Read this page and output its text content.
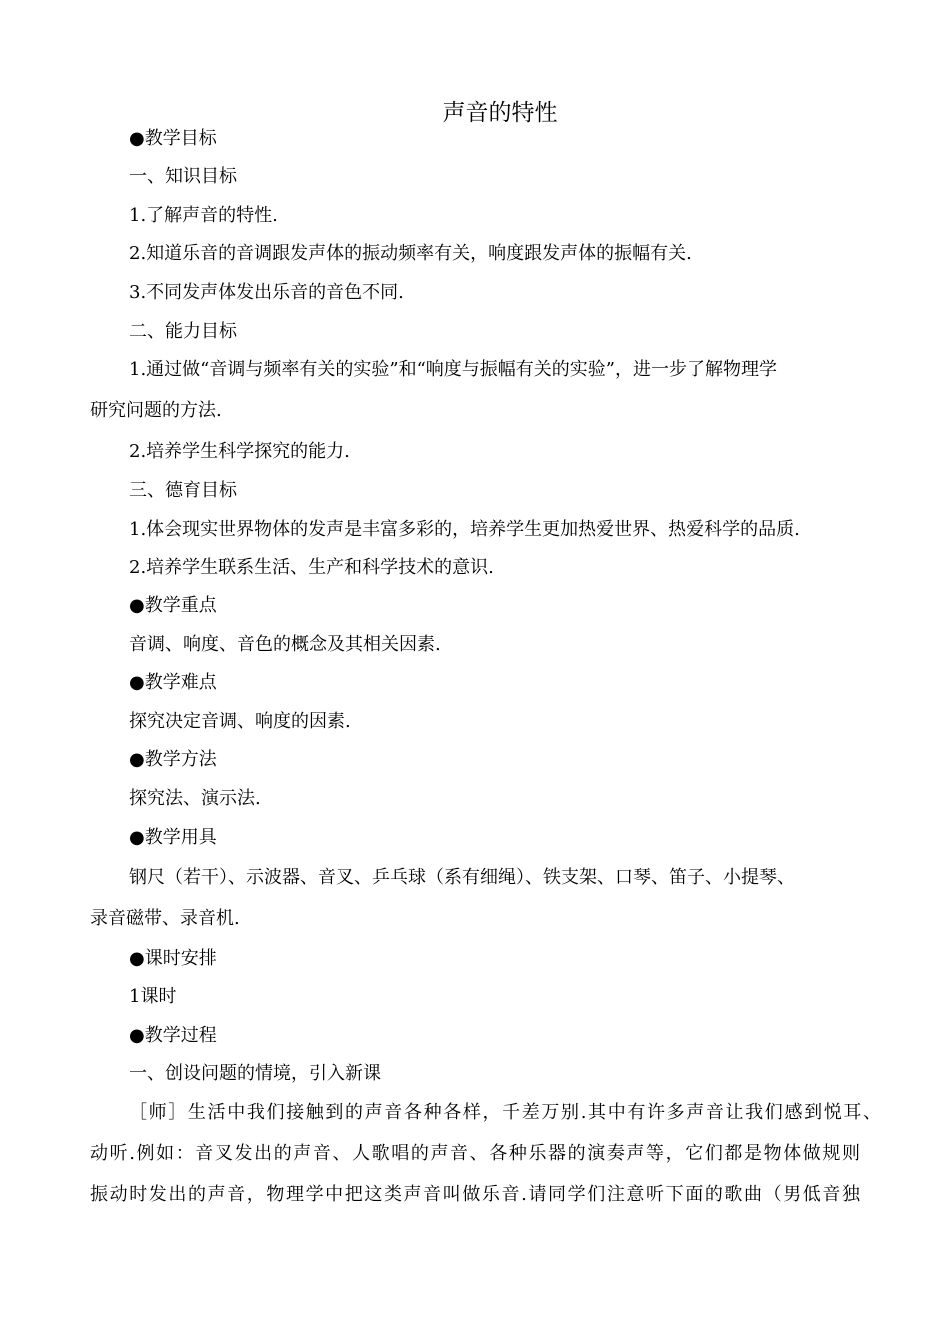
声音的特性
●教学目标
一、知识目标
1.了解声音的特性.
2.知道乐音的音调跟发声体的振动频率有关，响度跟发声体的振幅有关.
3.不同发声体发出乐音的音色不同.
二、能力目标
1.通过做“音调与频率有关的实验”和“响度与振幅有关的实验”，进一步了解物理学
研究问题的方法.
2.培养学生科学探究的能力.
三、德育目标
1.体会现实世界物体的发声是丰富多彩的，培养学生更加热爱世界、热爱科学的品质.
2.培养学生联系生活、生产和科学技术的意识.
●教学重点
音调、响度、音色的概念及其相关因素.
●教学难点
探究决定音调、响度的因素.
●教学方法
探究法、演示法.
●教学用具
钢尺（若干）、示波器、音叉、乒乓球（系有细绳）、铁支架、口琴、笛子、小提琴、
录音磁带、录音机.
●课时安排
1课时
●教学过程
一、创设问题的情境，引入新课
［师］生活中我们接触到的声音各种各样，千差万别.其中有许多声音让我们感到悦耳、
动听.例如：音叉发出的声音、人歌唱的声音、各种乐器的演奏声等，它们都是物体做规则
振动时发出的声音，物理学中把这类声音叫做乐音.请同学们注意听下面的歌曲（男低音独
